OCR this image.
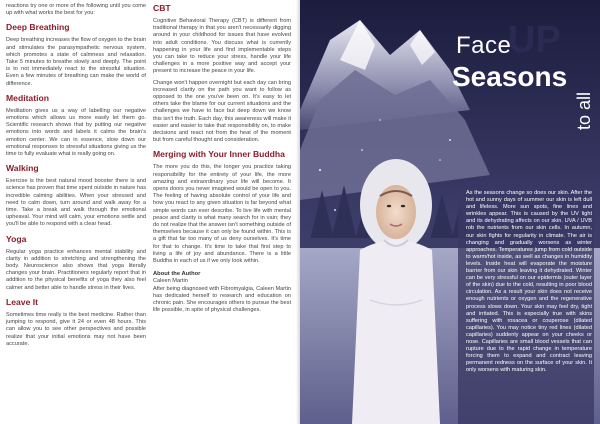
reactions try one or more of the following until you come up with what works the best for you:

Deep Breathing

Deep breathing increases the flow of oxygen to the brain and stimulates the parasympathetic nervous system, which promotes a state of calmness and relaxation. Take 5 minutes to breathe slowly and deeply. The point is to not immediately react to the stressful situation. Even a few minutes of breathing can make the world of difference.

Meditation

Meditation gives us a way of labelling our negative emotions which allows us more easily let them go. Scientific research shows that by putting our negative emotions into words and labels it calms the brain's emotion center. We can in essence, slow down our emotional responses to stressful situations giving us the time to fully evaluate what is really going on.

Walking

Exercise is the best natural mood booster there is and science has proven that time spent outside in nature has incredible calming abilities. When your stressed and need to calm down, turn around and walk away for a time. Take a break and walk through the emotional upheaval. Your mind will calm, your emotions settle and you'll be able to respond with a clear head.

Yoga

Regular yoga practice enhances mental stability and clarity in addition to stretching and strengthening the body. Neuroscience also shows that yoga literally changes your brain. Practitioners regularly report that in addition to the physical benefits of yoga they also feel calmer and better able to handle stress in their lives.

Leave It

Sometimes time really is the best medicine. Rather than jumping to respond, give it 24 or even 48 hours. This can allow you to see other perspectives and possible realize that your initial emotions may not have been accurate.

CBT

Cognitive Behavioral Therapy (CBT) is different from traditional therapy in that you aren't necessarily digging around in your childhood for issues that have evolved into adult conditions. You discuss what is currently happening in your life and find implementable steps you can take to reduce your stress, handle your life challenges in a more positive way and accept your present to increase the peace in your life.

Change won't happen overnight but each day can bring increased clarity on the path you want to follow as opposed to the one you've been on. It's easy to let others take the blame for our current situations and the challenges we have to face but deep down we know this isn't the truth. Each day, this awareness will make it easier and easier to take that responsibility on, to make decisions and react not from the heat of the moment but from careful thought and consideration.

Merging with Your Inner Buddha

The more you do this, the longer you practice taking responsibility for the entirety of your life, the more amazing and extraordinary your life will become. It opens doors you never imagined would be open to you. The feeling of having absolute control of your life and how you react to any given situation is far beyond what simple words can ever describe. To live life with mental peace and clarity is what many search for in vain; they do not realize that the answer isn't something outside of themselves because it can only be found within. This is a gift that far too many of us deny ourselves. It's time for that to change. It's time to take that first step to living a life of joy and abundance. There is a little Buddha in each of us if we only look within.

About the Author

Caleen Martin

After being diagnosed with Fibromyalgia, Caleen Martin has dedicated herself to research and education on chronic pain. She encourages others to pursue the best life possible, in spite of physical challenges.

Face
UP
Seasons
to all

As the seasons change so does our skin. After the hot and sunny days of summer our skin is left dull and lifeless. More sun spots, fine lines and wrinkles appear. This is caused by the UV light and its dehydrating affects on our skin. UVA / UVB rob the nutrients from our skin cells. In autumn, our skin fights for regularity in climate. The air is changing and gradually worsens as winter approaches. Temperatures jump from cold outside to warm/hot inside, as well as changes in humidity levels. Inside heat will evaporate the moisture barrier from our skin leaving it dehydrated. Winter can be very stressful on our epidermis (outer layer of the skin) due to the cold, resulting in poor blood circulation. As a result your skin does not receive enough nutrients or oxygen and the regenerative process slows down. Your skin may feel dry, tight and irritated. This is especially true with skins suffering with rosacea or couperose (dilated capillaries). You may notice tiny red lines (dilated capillaries) suddenly appear on your cheeks or nose. Capillaries are small blood vessels that can rupture due to the rapid change in temperature forcing them to expand and contract leaving permanent redness on the surface of your skin. It only worsens with maturing skin.
